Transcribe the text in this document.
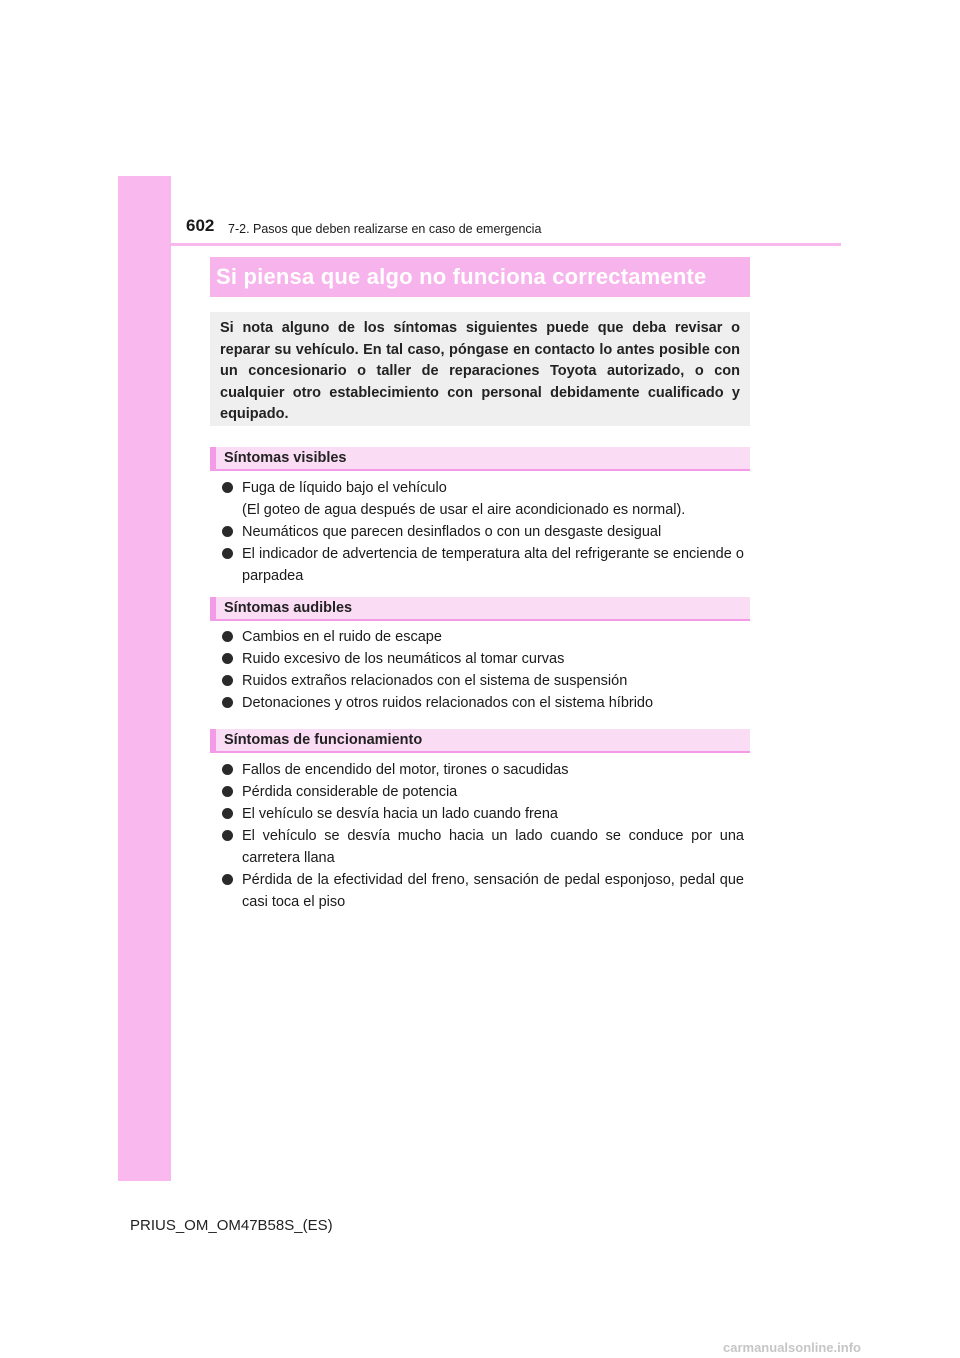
602 7-2. Pasos que deben realizarse en caso de emergencia
Si piensa que algo no funciona correctamente
Si nota alguno de los síntomas siguientes puede que deba revisar o reparar su vehículo. En tal caso, póngase en contacto lo antes posible con un concesionario o taller de reparaciones Toyota autorizado, o con cualquier otro establecimiento con personal debidamente cualificado y equipado.
Síntomas visibles
Fuga de líquido bajo el vehículo
(El goteo de agua después de usar el aire acondicionado es normal).
Neumáticos que parecen desinflados o con un desgaste desigual
El indicador de advertencia de temperatura alta del refrigerante se enciende o parpadea
Síntomas audibles
Cambios en el ruido de escape
Ruido excesivo de los neumáticos al tomar curvas
Ruidos extraños relacionados con el sistema de suspensión
Detonaciones y otros ruidos relacionados con el sistema híbrido
Síntomas de funcionamiento
Fallos de encendido del motor, tirones o sacudidas
Pérdida considerable de potencia
El vehículo se desvía hacia un lado cuando frena
El vehículo se desvía mucho hacia un lado cuando se conduce por una carretera llana
Pérdida de la efectividad del freno, sensación de pedal esponjoso, pedal que casi toca el piso
PRIUS_OM_OM47B58S_(ES)
carmanualsonline.info
